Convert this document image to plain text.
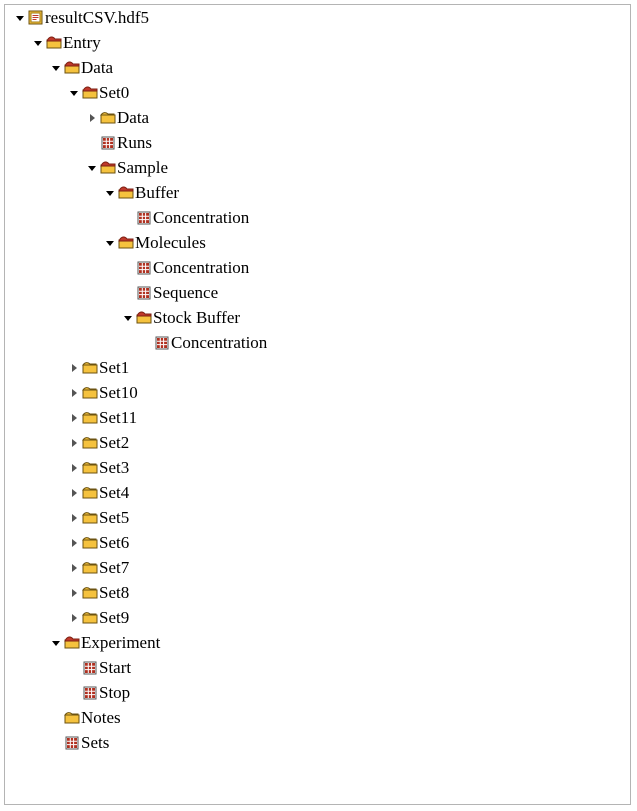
resultCSV.hdf5
Entry
Data
Set0
Data
Runs
Sample
Buffer
Concentration
Molecules
Concentration
Sequence
Stock Buffer
Concentration
Set1
Set10
Set11
Set2
Set3
Set4
Set5
Set6
Set7
Set8
Set9
Experiment
Start
Stop
Notes
Sets
